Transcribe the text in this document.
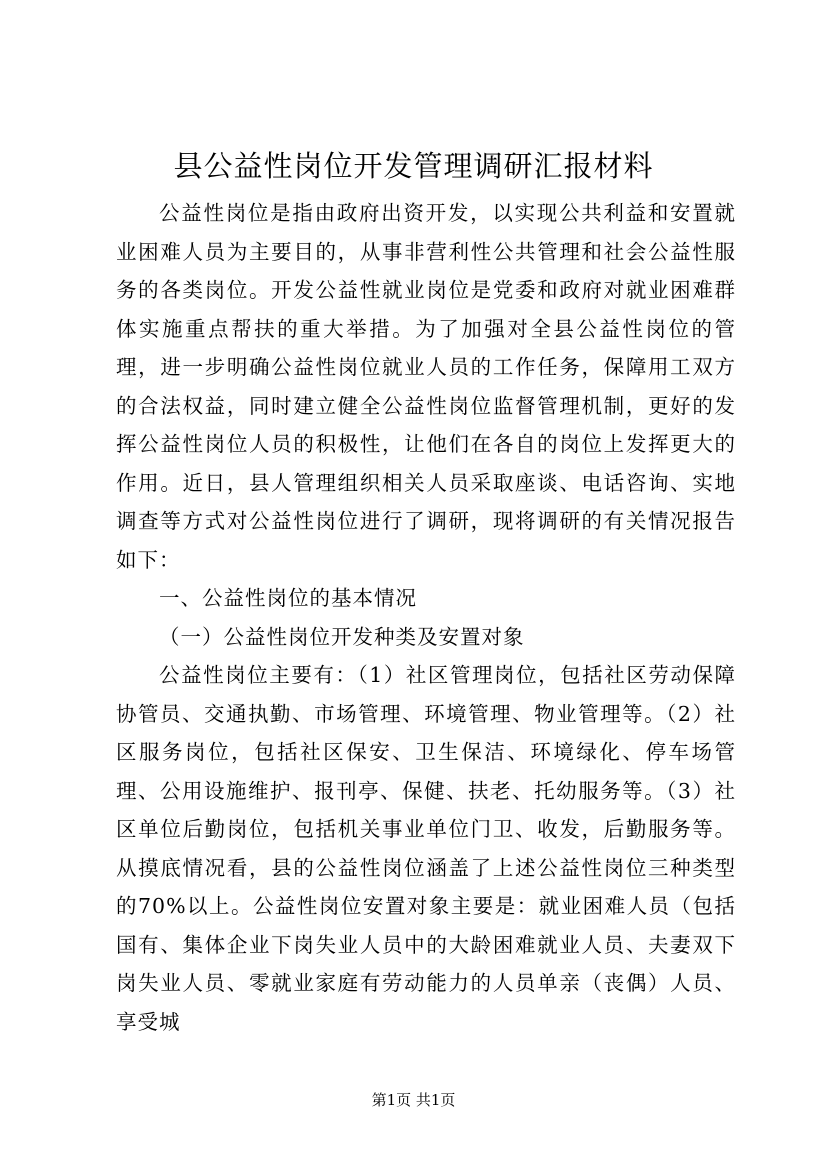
县公益性岗位开发管理调研汇报材料

公益性岗位是指由政府出资开发，以实现公共利益和安置就业困难人员为主要目的，从事非营利性公共管理和社会公益性服务的各类岗位。开发公益性就业岗位是党委和政府对就业困难群体实施重点帮扶的重大举措。为了加强对全县公益性岗位的管理，进一步明确公益性岗位就业人员的工作任务，保障用工双方的合法权益，同时建立健全公益性岗位监督管理机制，更好的发挥公益性岗位人员的积极性，让他们在各自的岗位上发挥更大的作用。近日，县人管理组织相关人员采取座谈、电话咨询、实地调查等方式对公益性岗位进行了调研，现将调研的有关情况报告如下：

一、公益性岗位的基本情况

（一）公益性岗位开发种类及安置对象

公益性岗位主要有：（1）社区管理岗位，包括社区劳动保障协管员、交通执勤、市场管理、环境管理、物业管理等。（2）社区服务岗位，包括社区保安、卫生保洁、环境绿化、停车场管理、公用设施维护、报刊亭、保健、扶老、托幼服务等。（3）社区单位后勤岗位，包括机关事业单位门卫、收发，后勤服务等。从摸底情况看，县的公益性岗位涵盖了上述公益性岗位三种类型的70%以上。公益性岗位安置对象主要是：就业困难人员（包括国有、集体企业下岗失业人员中的大龄困难就业人员、夫妻双下岗失业人员、零就业家庭有劳动能力的人员单亲（丧偶）人员、享受城

第1页 共1页
